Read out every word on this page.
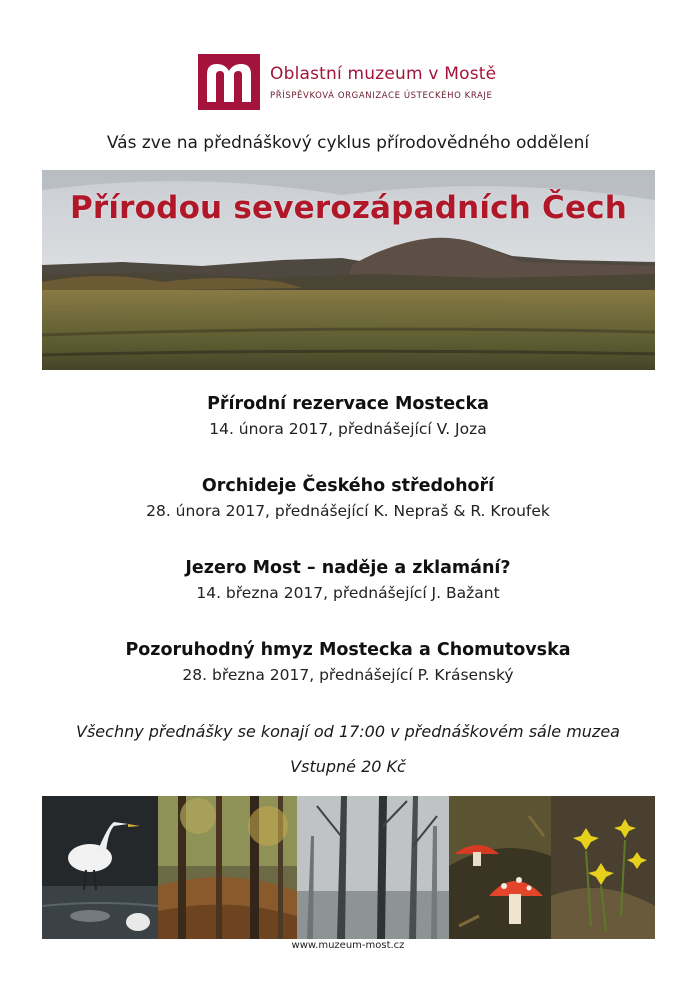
Oblastní muzeum v Mostě
PŘÍSPĚVKOVÁ ORGANIZACE ÚSTECKÉHO KRAJE
Vás zve na přednáškový cyklus přírodovědného oddělení
Přírodou severozápadních Čech
Přírodní rezervace Mostecka
14. února 2017, přednášející V. Joza
Orchideje Českého středohoří
28. února 2017, přednášející K. Nepraš & R. Kroufek
Jezero Most – naděje a zklamání?
14. března 2017, přednášející J. Bažant
Pozoruhodný hmyz Mostecka a Chomutovska
28. března 2017, přednášející P. Krásenský
Všechny přednášky se konají od 17:00 v přednáškovém sále muzea
Vstupné 20 Kč
www.muzeum-most.cz
